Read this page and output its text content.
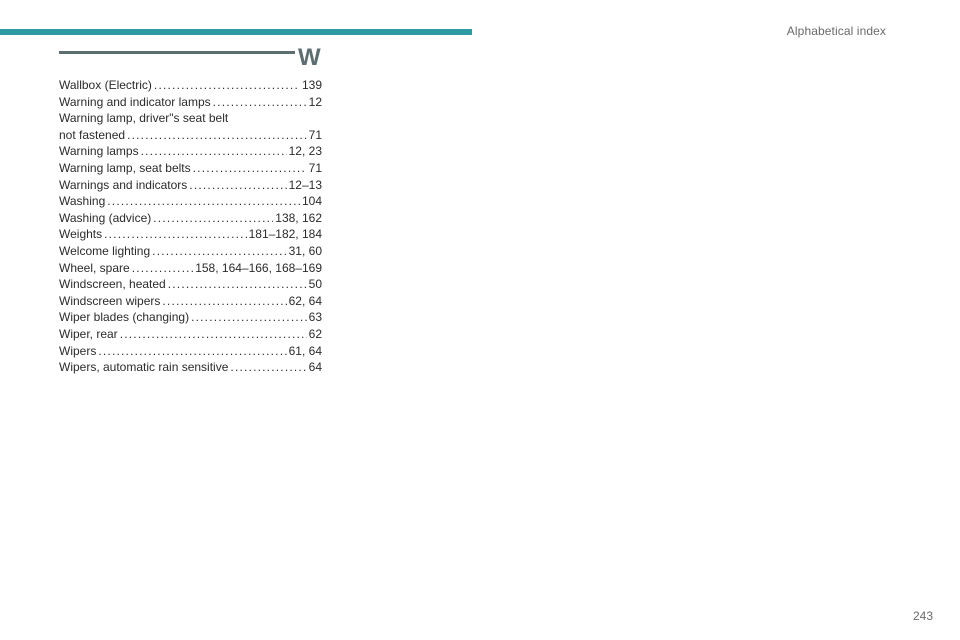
Alphabetical index
W
Wallbox (Electric) .....	139
Warning and indicator lamps .....	12
Warning lamp, driver"s seat belt
not fastened .....	71
Warning lamps .....	12, 23
Warning lamp, seat belts .....	71
Warnings and indicators .....	12–13
Washing .....	104
Washing (advice) .....	138, 162
Weights .....	181–182, 184
Welcome lighting .....	31, 60
Wheel, spare .....	158, 164–166, 168–169
Windscreen, heated .....	50
Windscreen wipers .....	62, 64
Wiper blades (changing) .....	63
Wiper, rear .....	62
Wipers .....	61, 64
Wipers, automatic rain sensitive .....	64
243
